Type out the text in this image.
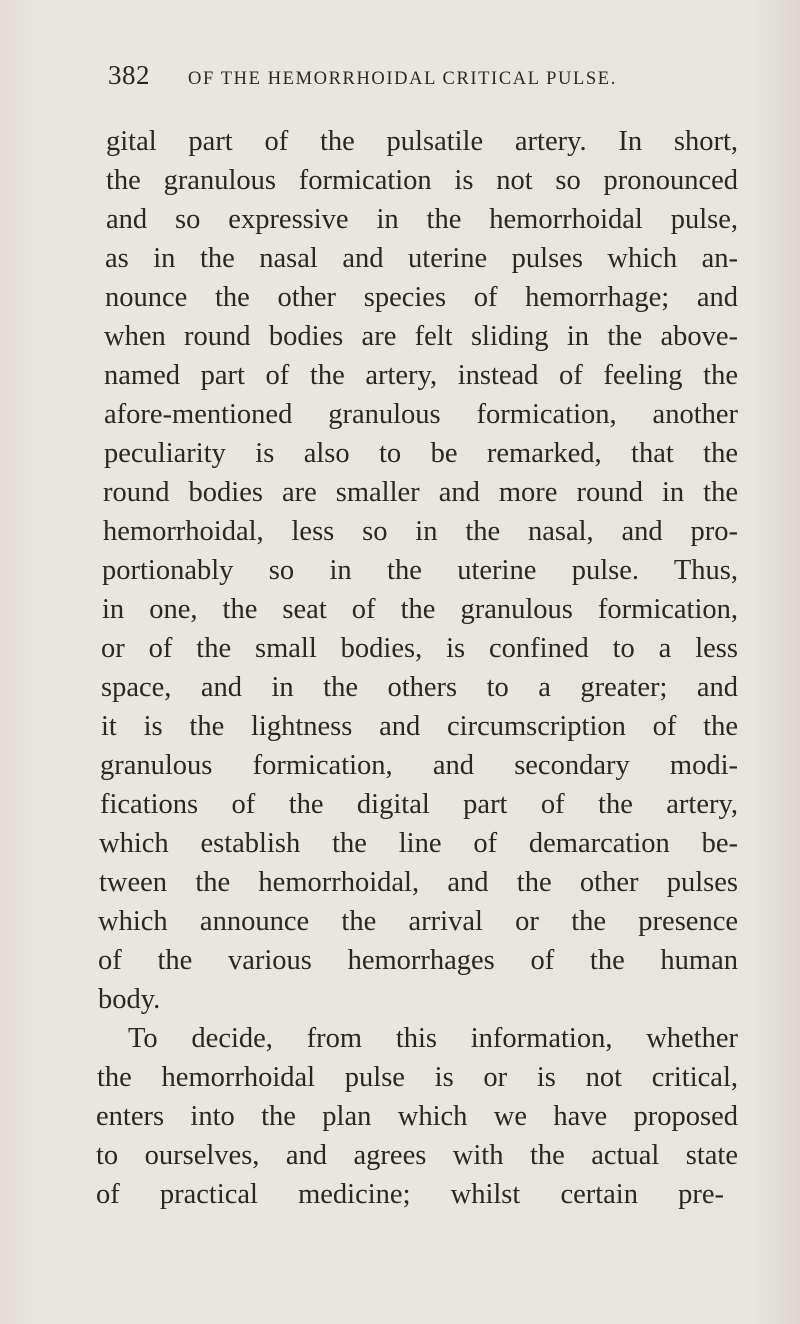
382 OF THE HEMORRHOIDAL CRITICAL PULSE.
gital part of the pulsatile artery. In short,
the granulous formication is not so pronounced
and so expressive in the hemorrhoidal pulse,
as in the nasal and uterine pulses which an-
nounce the other species of hemorrhage; and
when round bodies are felt sliding in the above-
named part of the artery, instead of feeling the
afore-mentioned granulous formication, another
peculiarity is also to be remarked, that the
round bodies are smaller and more round in the
hemorrhoidal, less so in the nasal, and pro-
portionably so in the uterine pulse. Thus,
in one, the seat of the granulous formication,
or of the small bodies, is confined to a less
space, and in the others to a greater; and
it is the lightness and circumscription of the
granulous formication, and secondary modi-
fications of the digital part of the artery,
which establish the line of demarcation be-
tween the hemorrhoidal, and the other pulses
which announce the arrival or the presence
of the various hemorrhages of the human
body.
To decide, from this information, whether
the hemorrhoidal pulse is or is not critical,
enters into the plan which we have proposed
to ourselves, and agrees with the actual state
of practical medicine; whilst certain pre-
